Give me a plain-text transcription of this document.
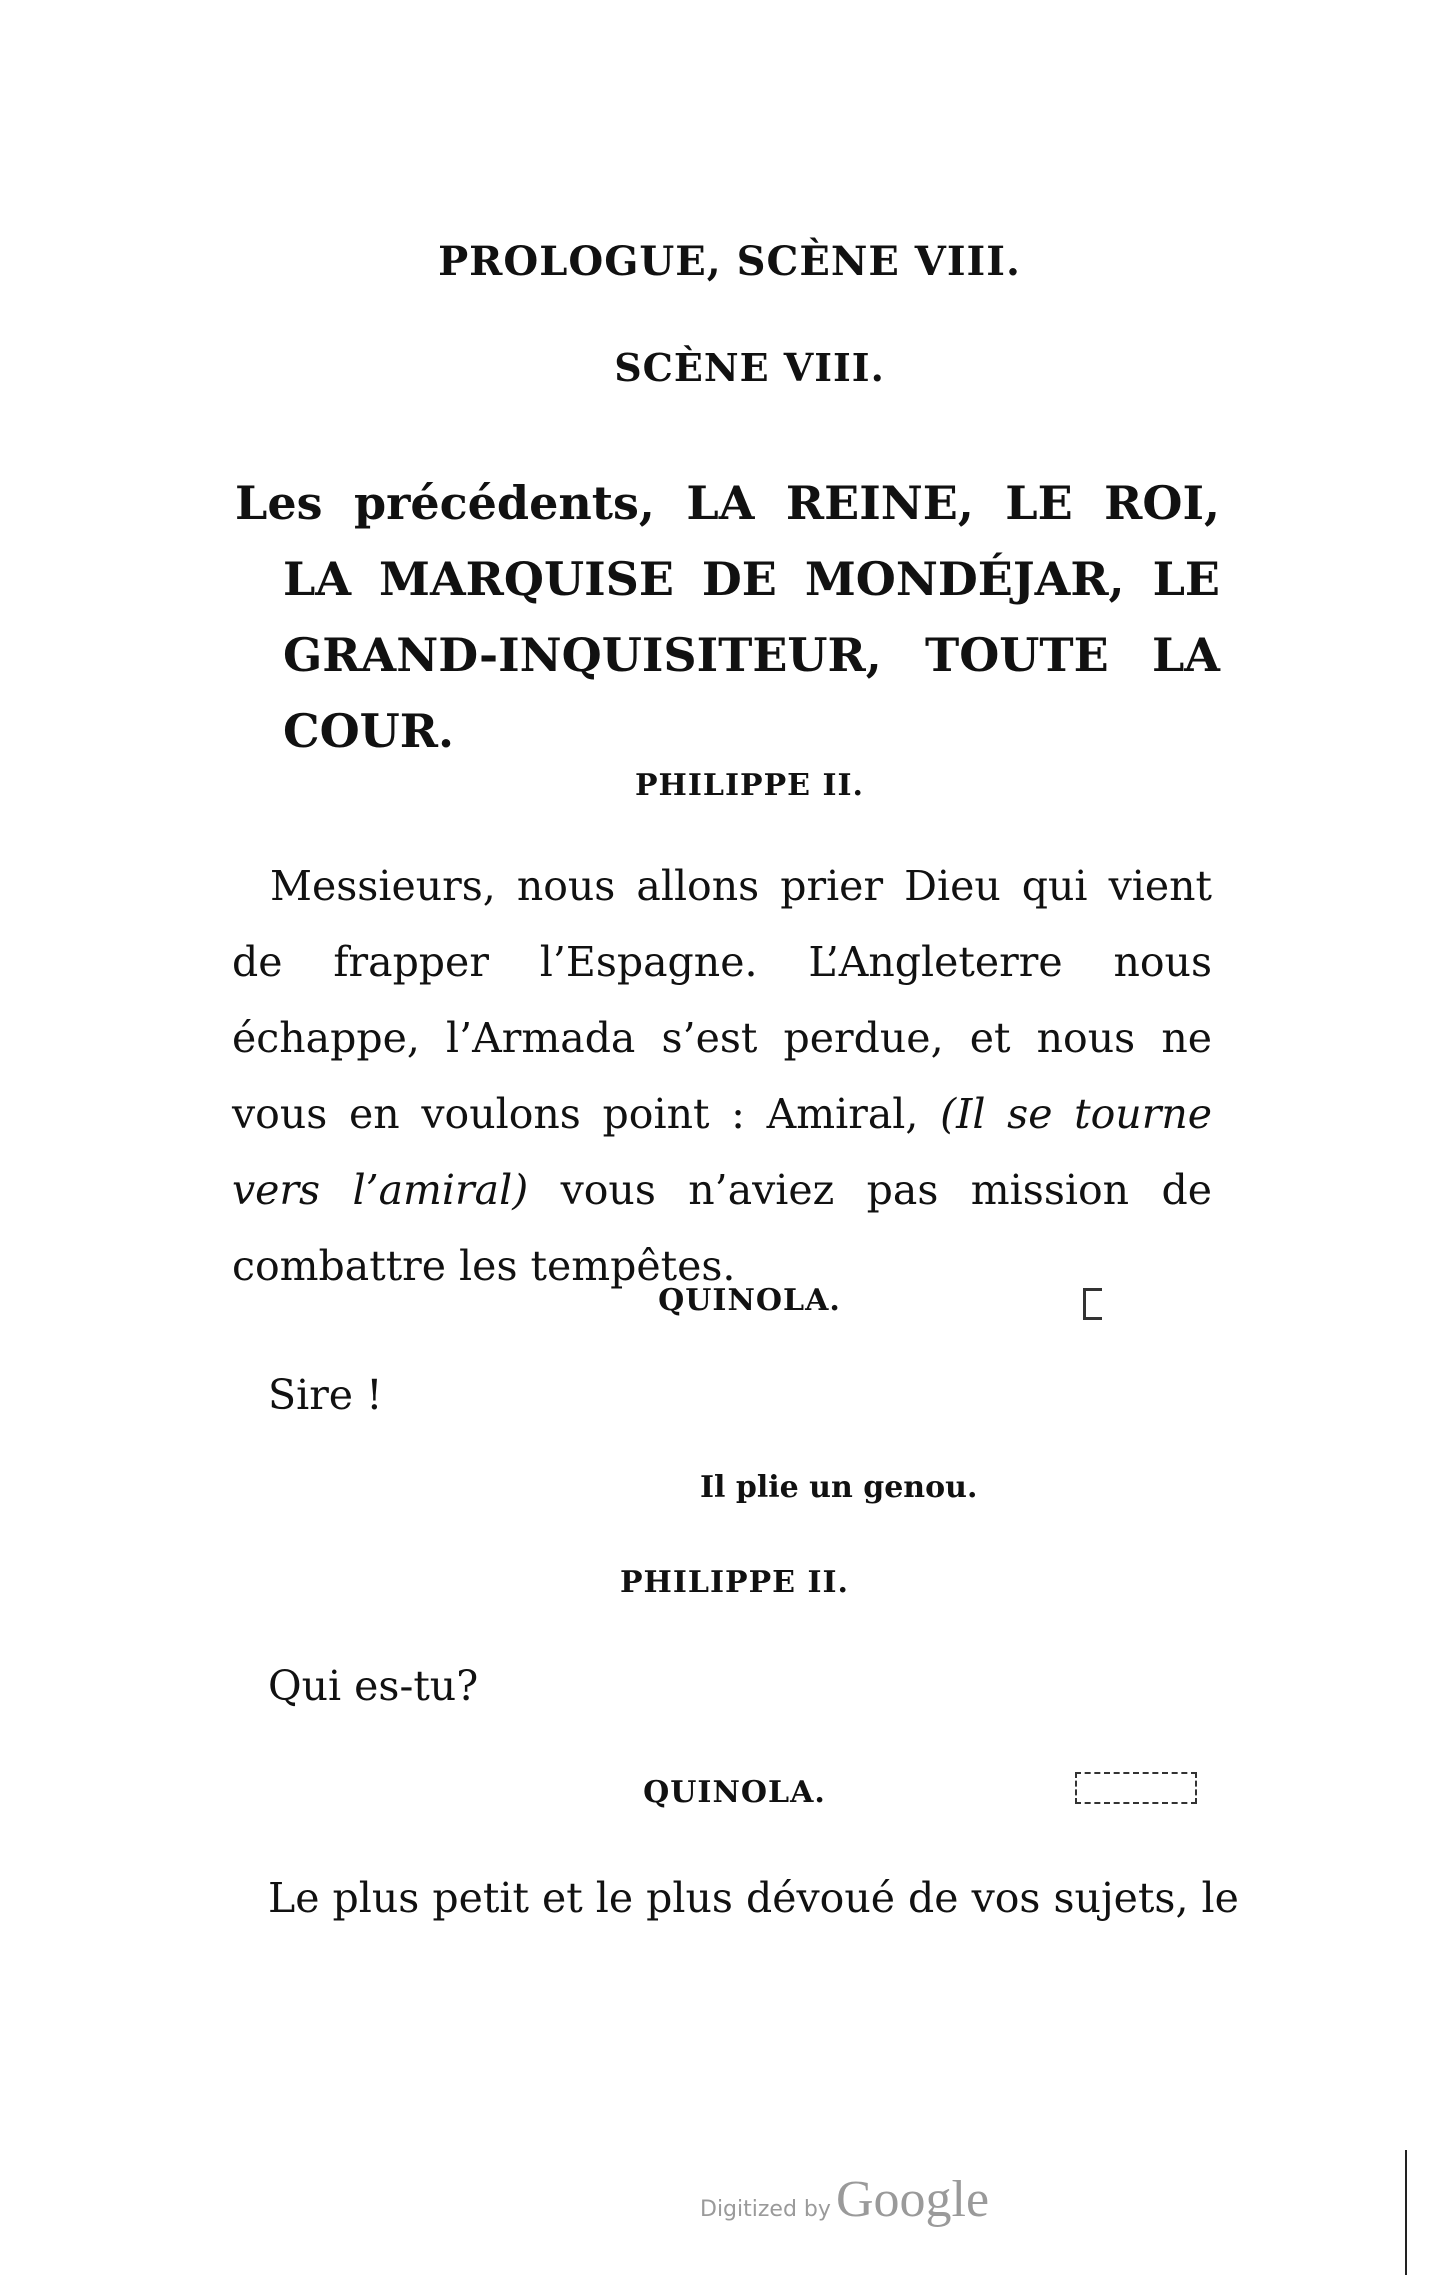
PROLOGUE, SCÈNE VIII.
SCÈNE VIII.
Les précédents, LA REINE, LE ROI, LA MARQUISE DE MONDÉJAR, LE GRAND-INQUISITEUR, TOUTE LA COUR.
PHILIPPE II.
Messieurs, nous allons prier Dieu qui vient de frapper l’Espagne. L’Angleterre nous échappe, l’Armada s’est perdue, et nous ne vous en voulons point : Amiral, (Il se tourne vers l’amiral) vous n’aviez pas mission de combattre les tempêtes.
QUINOLA.
Sire !
Il plie un genou.
PHILIPPE II.
Qui es-tu?
QUINOLA.
Le plus petit et le plus dévoué de vos sujets, le
Digitized by Google
